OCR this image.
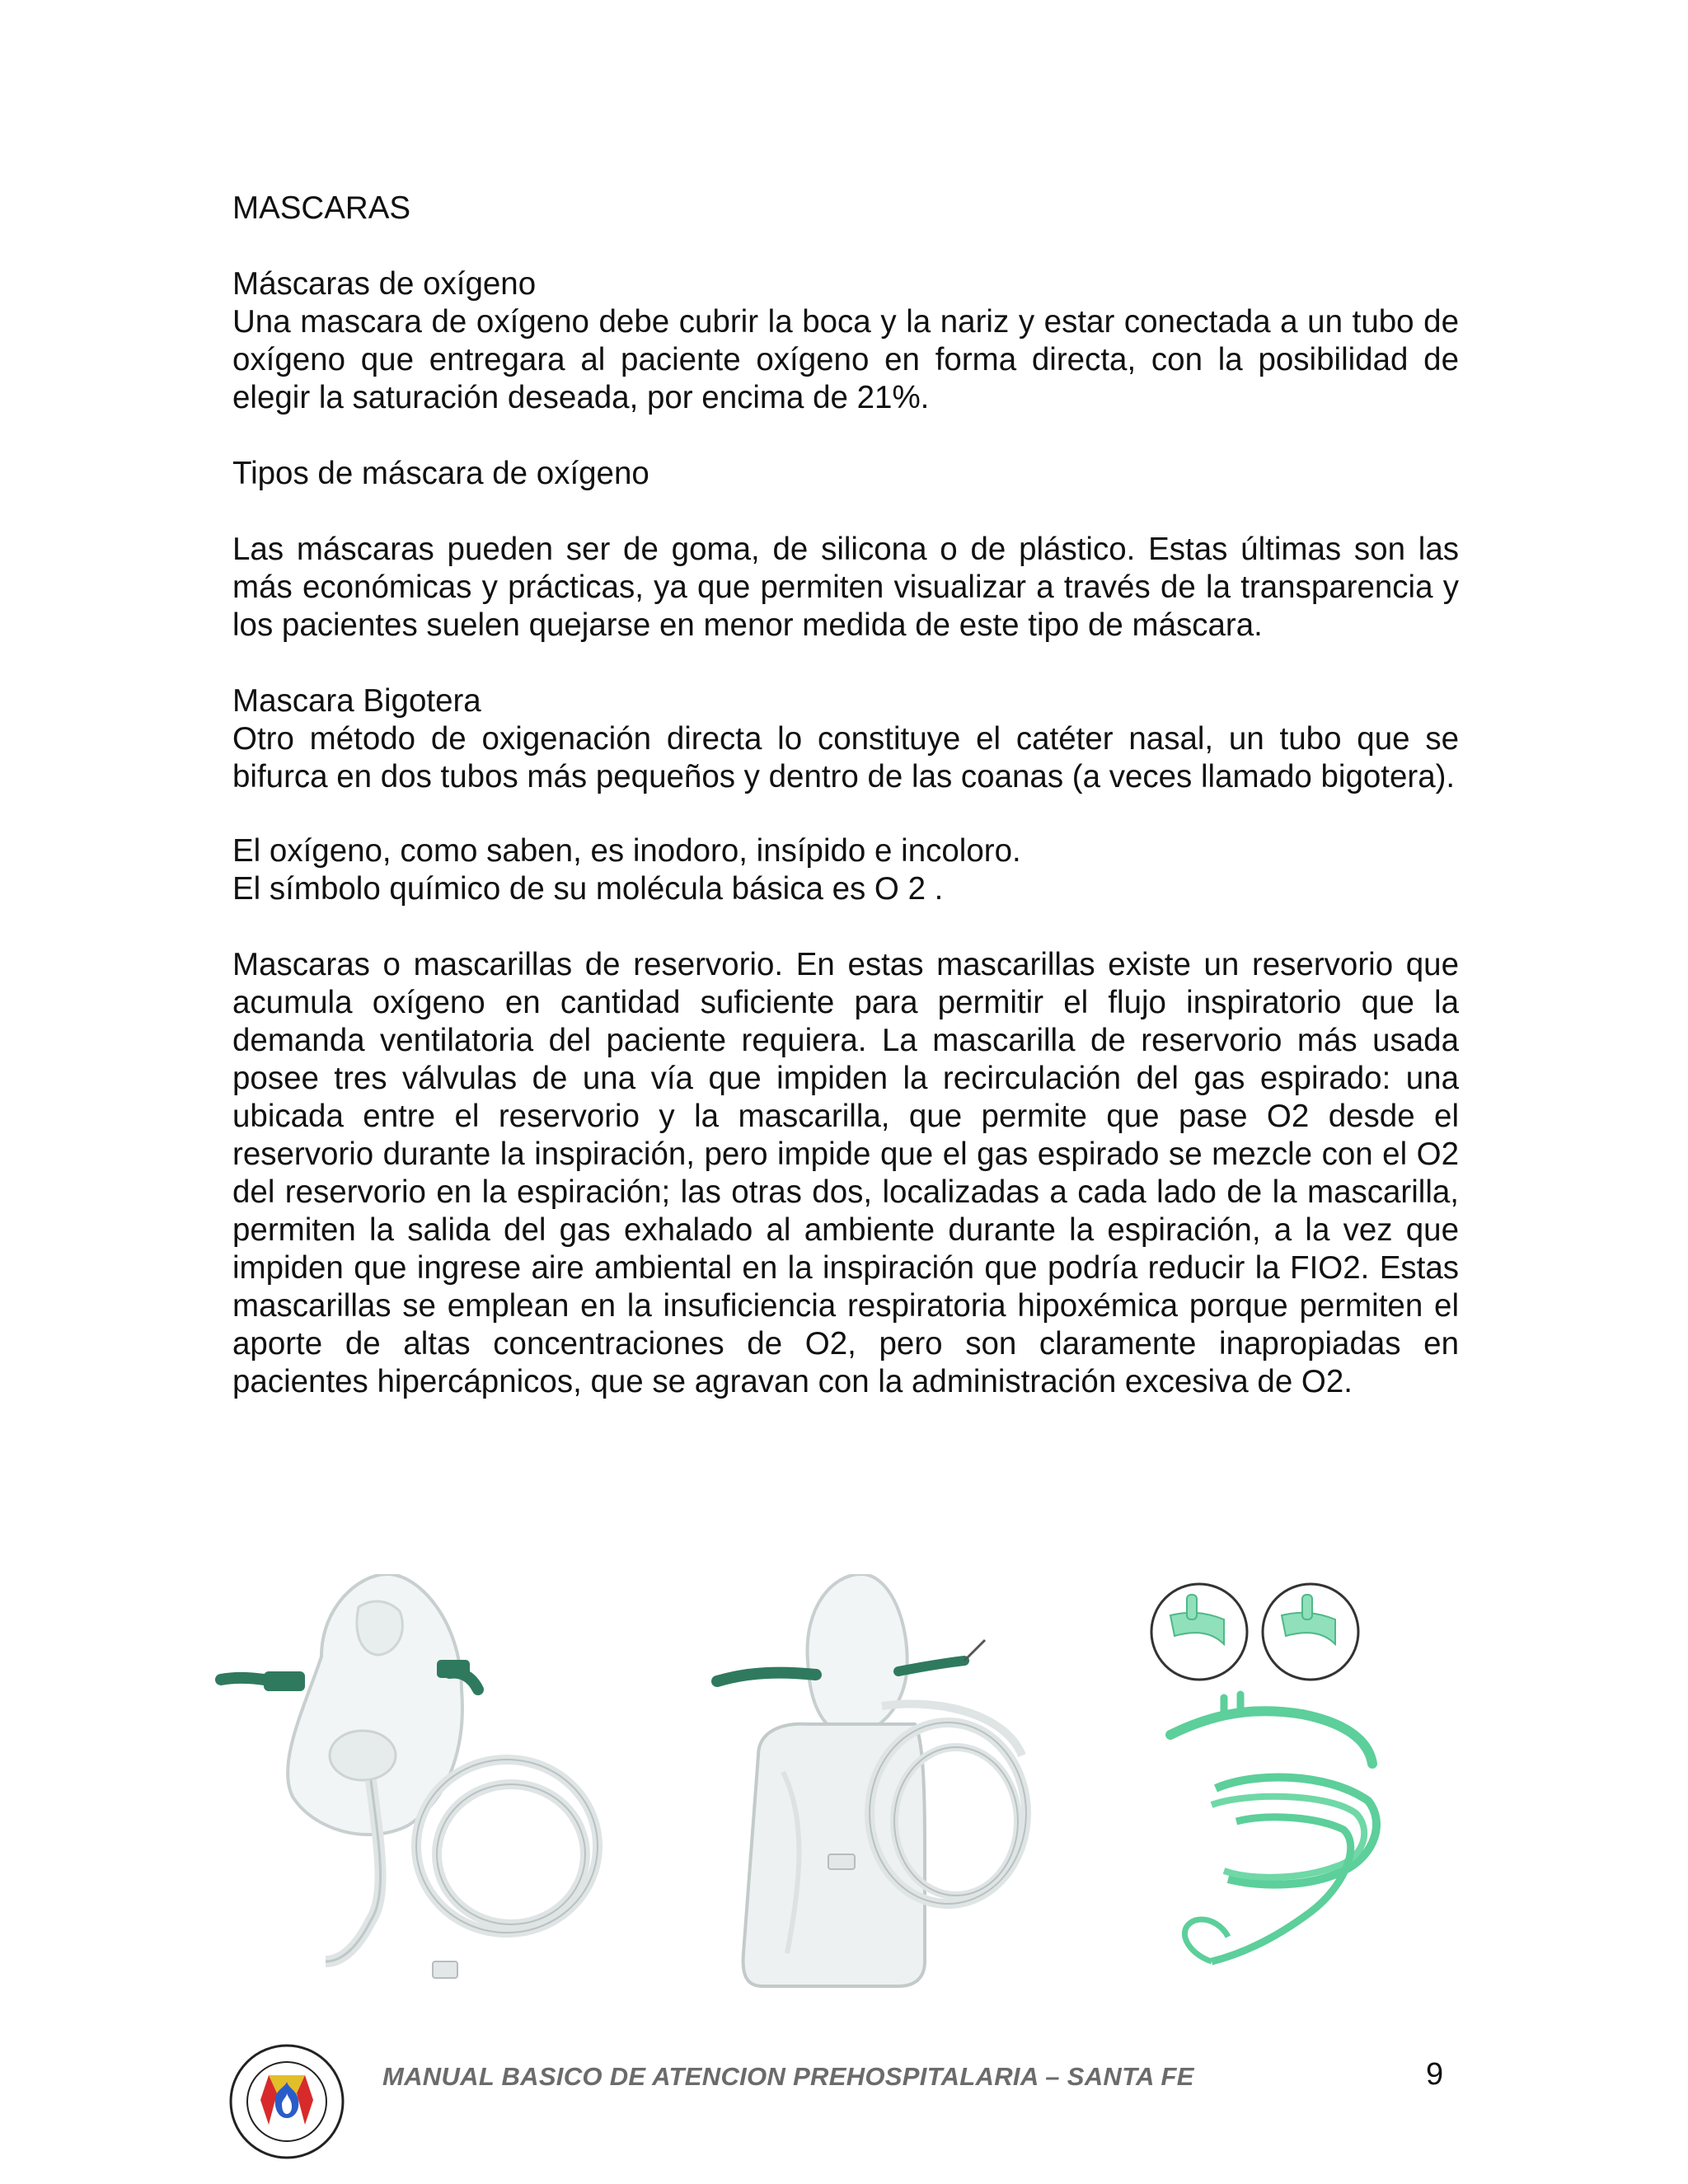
MASCARAS

Máscaras de oxígeno

Una mascara de oxígeno debe cubrir la boca y la nariz y estar conectada a un tubo de oxígeno que entregara al paciente oxígeno en forma directa, con la posibilidad de elegir la saturación deseada, por encima de 21%.

Tipos de máscara de oxígeno

Las máscaras pueden ser de goma, de silicona o de plástico. Estas últimas son las más económicas y prácticas, ya que permiten visualizar a través de la transparencia y los pacientes suelen quejarse en menor medida de este tipo de máscara.

Mascara Bigotera

Otro método de oxigenación directa lo constituye el catéter nasal, un tubo que se bifurca en dos tubos más pequeños y dentro de las coanas (a veces llamado bigotera).

El oxígeno, como saben, es inodoro, insípido e incoloro.

El símbolo químico de su molécula básica es O 2 .

Mascaras o mascarillas de reservorio. En estas mascarillas existe un reservorio que acumula oxígeno en cantidad suficiente para permitir el flujo inspiratorio que la demanda ventilatoria del paciente requiera. La mascarilla de reservorio más usada posee tres válvulas de una vía que impiden la recirculación del gas espirado: una ubicada entre el reservorio y la mascarilla, que permite que pase O2 desde el reservorio durante la inspiración, pero impide que el gas espirado se mezcle con el O2 del reservorio en la espiración; las otras dos, localizadas a cada lado de la mascarilla, permiten la salida del gas exhalado al ambiente durante la espiración, a la vez que impiden que ingrese aire ambiental en la inspiración que podría reducir la FIO2. Estas mascarillas se emplean en la insuficiencia respiratoria hipoxémica porque permiten el aporte de altas concentraciones de O2, pero son claramente inapropiadas en pacientes hipercápnicos, que se agravan con la administración excesiva de O2.

MANUAL BASICO DE ATENCION PREHOSPITALARIA – SANTA FE	9
